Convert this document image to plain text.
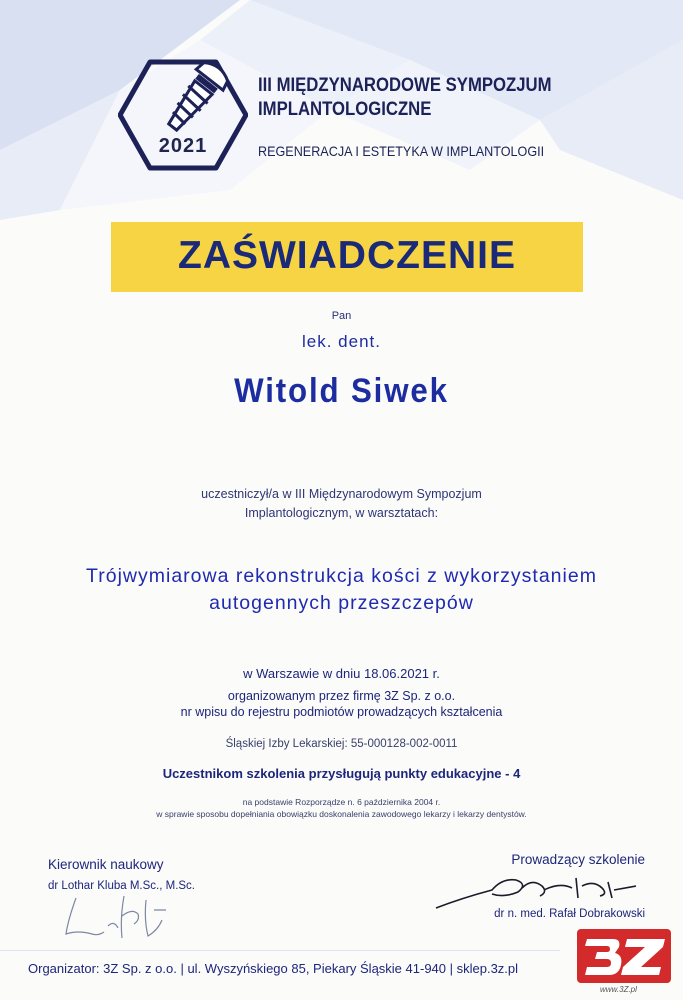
2021
III MIĘDZYNARODOWE SYMPOZJUM
IMPLANTOLOGICZNE
REGENERACJA I ESTETYKA W IMPLANTOLOGII
ZAŚWIADCZENIE
Pan
lek. dent.
Witold Siwek
uczestniczył/a w III Międzynarodowym Sympozjum
Implantologicznym, w warsztatach:
Trójwymiarowa rekonstrukcja kości z wykorzystaniem
autogennych przeszczepów
w Warszawie w dniu 18.06.2021 r.
organizowanym przez firmę 3Z Sp. z o.o.
nr wpisu do rejestru podmiotów prowadzących kształcenia
Śląskiej Izby Lekarskiej: 55-000128-002-0011
Uczestnikom szkolenia przysługują punkty edukacyjne - 4
na podstawie Rozporządze n. 6 października 2004 r.
w sprawie sposobu dopełniania obowiązku doskonalenia zawodowego lekarzy i lekarzy dentystów.
Kierownik naukowy
dr Lothar Kluba M.Sc., M.Sc.
Prowadzący szkolenie
dr n. med. Rafał Dobrakowski
Organizator: 3Z Sp. z o.o. | ul. Wyszyńskiego 85, Piekary Śląskie 41-940 | sklep.3z.pl
www.3Z.pl
